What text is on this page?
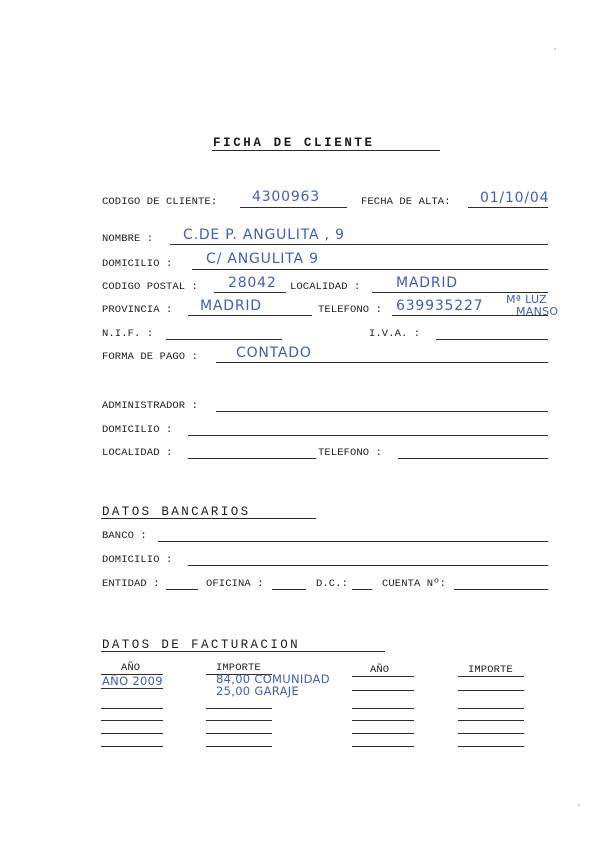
FICHA DE CLIENTE
CODIGO DE CLIENTE: 4300963	FECHA DE ALTA: 01/10/04
NOMBRE : C.DE P. ANGULITA , 9
DOMICILIO : C/ ANGULITA 9
CODIGO POSTAL : 28042 LOCALIDAD :	MADRID
PROVINCIA : MADRID	TELEFONO : 639935227 Mª LUZ
MANSO
N.I.F. :	I.V.A. :
FORMA DE PAGO :	CONTADO
ADMINISTRADOR :
DOMICILIO :
LOCALIDAD :	TELEFONO :
DATOS BANCARIOS
BANCO :
DOMICILIO :
ENTIDAD :	OFICINA :	D.C.:	CUENTA Nº:
DATOS DE FACTURACION
AÑO	IMPORTE	AÑO	IMPORTE
AÑO 2009	84,00 COMUNIDAD
25,00 GARAJE
